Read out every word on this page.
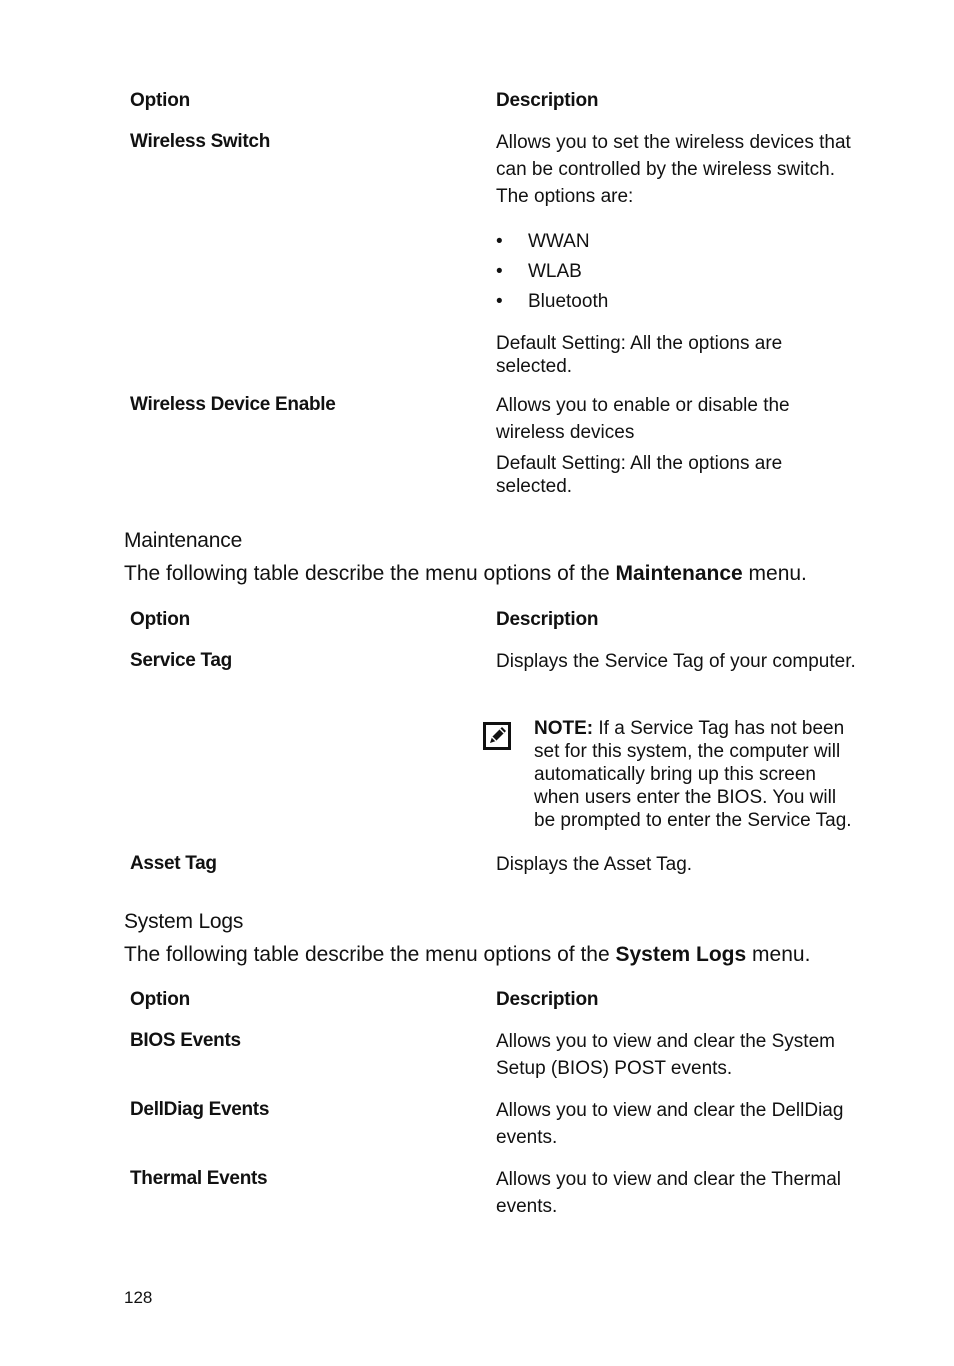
Option	Description
Wireless Switch	Allows you to set the wireless devices that can be controlled by the wireless switch. The options are:
• WWAN
• WLAB
• Bluetooth
Default Setting: All the options are selected.
Wireless Device Enable	Allows you to enable or disable the wireless devices
Default Setting: All the options are selected.
Maintenance
The following table describe the menu options of the Maintenance menu.
Option	Description
Service Tag	Displays the Service Tag of your computer.
NOTE: If a Service Tag has not been set for this system, the computer will automatically bring up this screen when users enter the BIOS. You will be prompted to enter the Service Tag.
Asset Tag	Displays the Asset Tag.
System Logs
The following table describe the menu options of the System Logs menu.
Option	Description
BIOS Events	Allows you to view and clear the System Setup (BIOS) POST events.
DellDiag Events	Allows you to view and clear the DellDiag events.
Thermal Events	Allows you to view and clear the Thermal events.
128
